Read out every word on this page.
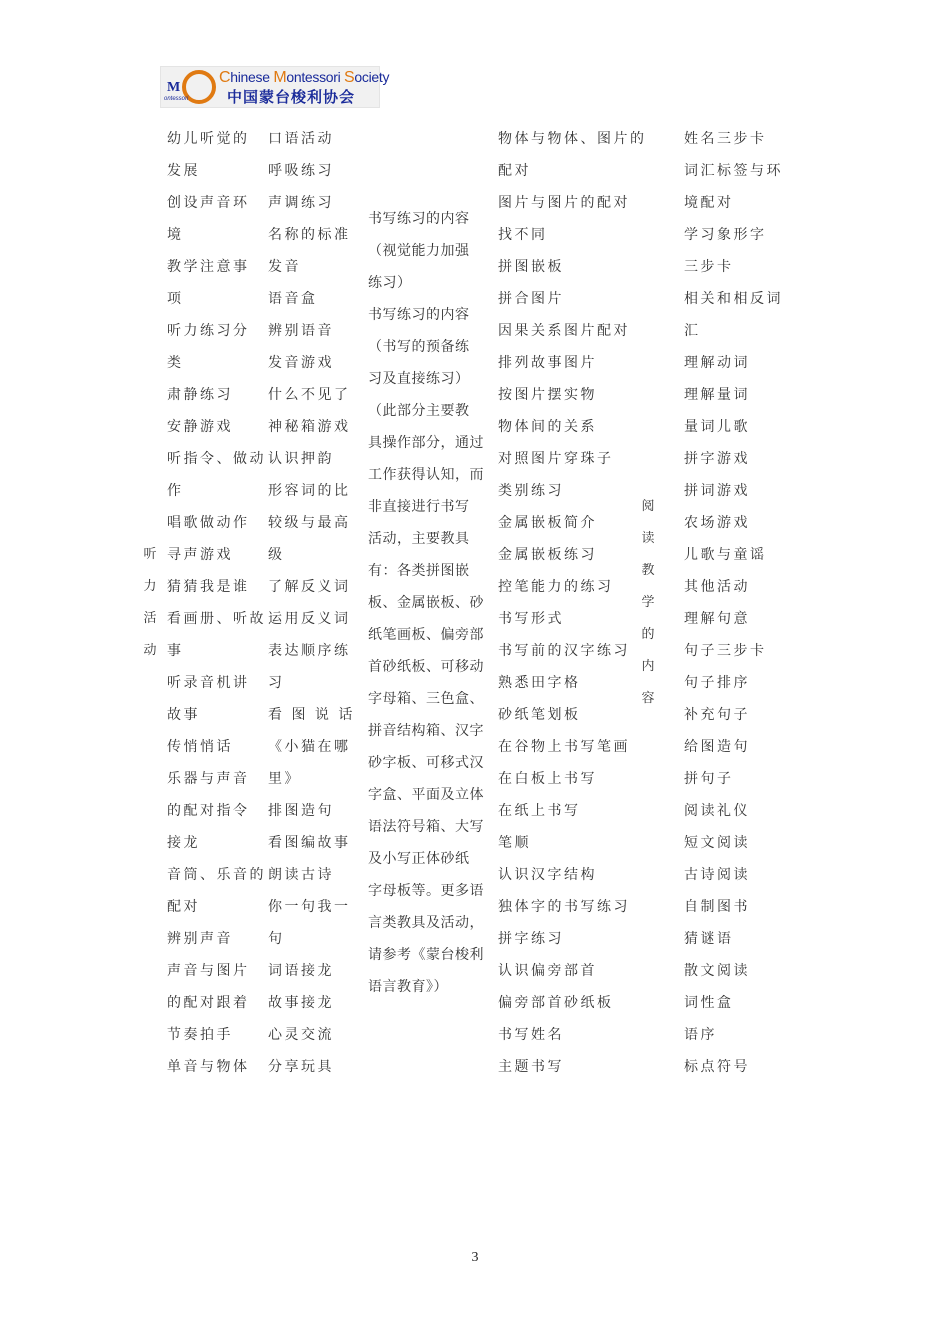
M
ontessori
Chinese Montessori Society
中国蒙台梭利协会
听
力
活
动
幼儿听觉的
发展
创设声音环
境
教学注意事
项
听力练习分
类
肃静练习
安静游戏
听指令、做动
作
唱歌做动作
寻声游戏
猜猜我是谁
看画册、听故
事
听录音机讲
故事
传悄悄话
乐器与声音
的配对指令
接龙
音筒、乐音的
配对
辨别声音
声音与图片
的配对跟着
节奏拍手
单音与物体
口语活动
呼吸练习
声调练习
名称的标准
发音
语音盒
辨别语音
发音游戏
什么不见了
神秘箱游戏
认识押韵
形容词的比
较级与最高
级
了解反义词
运用反义词
表达顺序练
习
看 图 说 话
《小猫在哪
里》
排图造句
看图编故事
朗读古诗
你一句我一
句
词语接龙
故事接龙
心灵交流
分享玩具
书写练习的内容
（视觉能力加强
练习）
书写练习的内容
（书写的预备练
习及直接练习）
（此部分主要教
具操作部分，通过
工作获得认知，而
非直接进行书写
活动，主要教具
有：各类拼图嵌
板、金属嵌板、砂
纸笔画板、偏旁部
首砂纸板、可移动
字母箱、三色盒、
拼音结构箱、汉字
砂字板、可移式汉
字盒、平面及立体
语法符号箱、大写
及小写正体砂纸
字母板等。更多语
言类教具及活动，
请参考《蒙台梭利
语言教育》）
物体与物体、图片的
配对
图片与图片的配对
找不同
拼图嵌板
拼合图片
因果关系图片配对
排列故事图片
按图片摆实物
物体间的关系
对照图片穿珠子
类别练习
金属嵌板简介
金属嵌板练习
控笔能力的练习
书写形式
书写前的汉字练习
熟悉田字格
砂纸笔划板
在谷物上书写笔画
在白板上书写
在纸上书写
笔顺
认识汉字结构
独体字的书写练习
拼字练习
认识偏旁部首
偏旁部首砂纸板
书写姓名
主题书写
阅
读
教
学
的
内
容
姓名三步卡
词汇标签与环
境配对
学习象形字
三步卡
相关和相反词
汇
理解动词
理解量词
量词儿歌
拼字游戏
拼词游戏
农场游戏
儿歌与童谣
其他活动
理解句意
句子三步卡
句子排序
补充句子
给图造句
拼句子
阅读礼仪
短文阅读
古诗阅读
自制图书
猜谜语
散文阅读
词性盒
语序
标点符号
3
